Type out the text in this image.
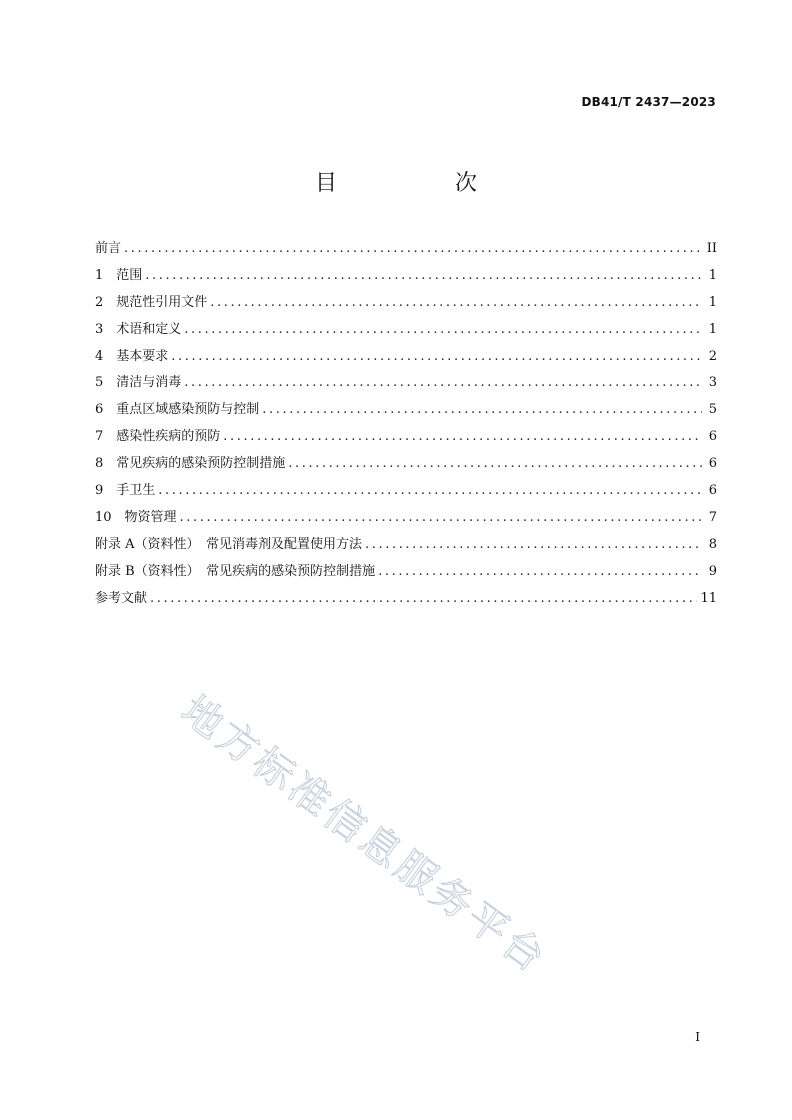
DB41/T 2437—2023
目　次
前言 .....	II
1　范围 .....	1
2　规范性引用文件 .....	1
3　术语和定义 .....	1
4　基本要求 .....	2
5　清洁与消毒 .....	3
6　重点区域感染预防与控制 .....	5
7　感染性疾病的预防 .....	6
8　常见疾病的感染预防控制措施 .....	6
9　手卫生 .....	6
10　物资管理 .....	7
附录 A（资料性）　常见消毒剂及配置使用方法 .....	8
附录 B（资料性）　常见疾病的感染预防控制措施 .....	9
参考文献 .....	11
地方标准信息服务平台
I
